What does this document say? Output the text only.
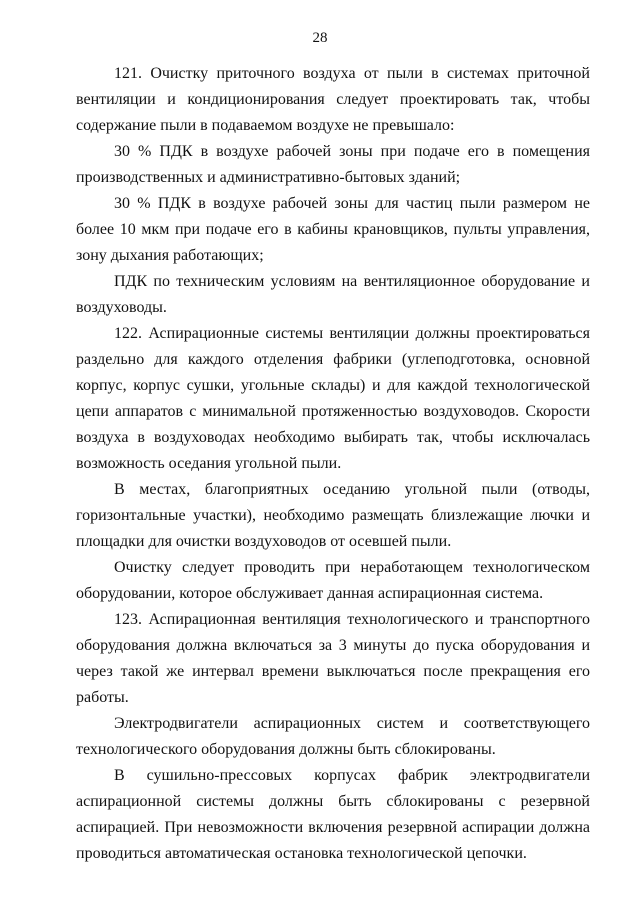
28

121. Очистку приточного воздуха от пыли в системах приточной вентиляции и кондиционирования следует проектировать так, чтобы содержание пыли в подаваемом воздухе не превышало:

30 % ПДК в воздухе рабочей зоны при подаче его в помещения производственных и административно-бытовых зданий;

30 % ПДК в воздухе рабочей зоны для частиц пыли размером не более 10 мкм при подаче его в кабины крановщиков, пульты управления, зону дыхания работающих;

ПДК по техническим условиям на вентиляционное оборудование и воздуховоды.

122. Аспирационные системы вентиляции должны проектироваться раздельно для каждого отделения фабрики (углеподготовка, основной корпус, корпус сушки, угольные склады) и для каждой технологической цепи аппаратов с минимальной протяженностью воздуховодов. Скорости воздуха в воздуховодах необходимо выбирать так, чтобы исключалась возможность оседания угольной пыли.

В местах, благоприятных оседанию угольной пыли (отводы, горизонтальные участки), необходимо размещать близлежащие лючки и площадки для очистки воздуховодов от осевшей пыли.

Очистку следует проводить при неработающем технологическом оборудовании, которое обслуживает данная аспирационная система.

123. Аспирационная вентиляция технологического и транспортного оборудования должна включаться за 3 минуты до пуска оборудования и через такой же интервал времени выключаться после прекращения его работы.

Электродвигатели аспирационных систем и соответствующего технологического оборудования должны быть сблокированы.

В сушильно-прессовых корпусах фабрик электродвигатели аспирационной системы должны быть сблокированы с резервной аспирацией. При невозможности включения резервной аспирации должна проводиться автоматическая остановка технологической цепочки.
